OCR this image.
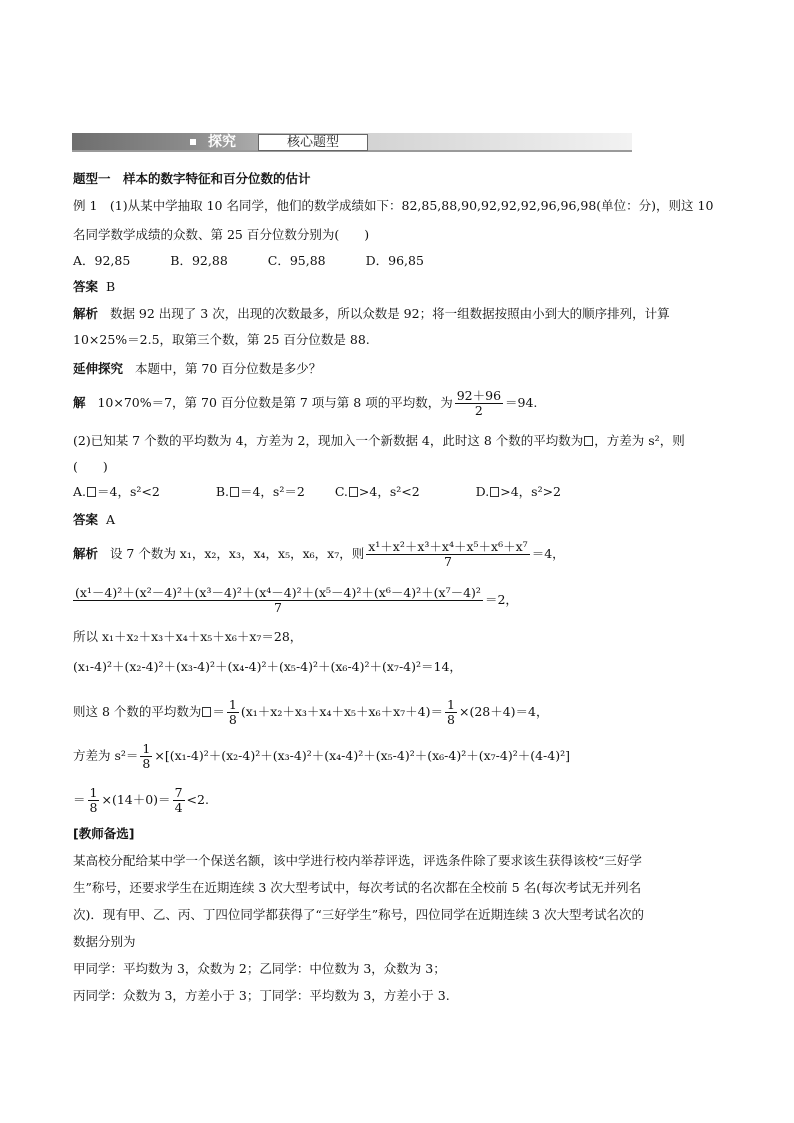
探究	核心题型
题型一　样本的数字特征和百分位数的估计
例 1　(1)从某中学抽取 10 名同学，他们的数学成绩如下：82,85,88,90,92,92,92,96,96,98(单位：分)，则这 10
名同学数学成绩的众数、第 25 百分位数分别为(　　)
A．92,85	B．92,88	C．95,88	D．96,85
答案 B
解析 数据 92 出现了 3 次，出现的次数最多，所以众数是 92；将一组数据按照由小到大的顺序排列，计算
10×25%＝2.5，取第三个数，第 25 百分位数是 88.
延伸探究 本题中，第 70 百分位数是多少？
解 10×70%＝7，第 70 百分位数是第 7 项与第 8 项的平均数，为 $\frac{92+96}{2} =94$.
(2)已知某 7 个数的平均数为 4，方差为 2，现加入一个新数据 4，此时这 8 个数的平均数为 ，方差为 s²，则
(　　)
A. ＝4，s²<2	B. ＝4，s²＝2 C. >4，s²<2	D. >4，s²>2
答案 A
解析 设 7 个数为 x₁，x₂，x₃，x₄，x₅，x₆，x₇，则 $\frac{\text{x¹＋x²＋x³＋x⁴＋x⁵＋x⁶＋x⁷}}{7} =4$，
$\frac{\text{(x¹－4)²＋(x²－4)²＋(x³－4)²＋(x⁴－4)²＋(x⁵－4)²＋(x⁶－4)²＋(x⁷－4)²}}{7} =2$，
所以 x₁＋x₂＋x₃＋x₄＋x₅＋x₆＋x₇＝28，
(x₁-4)²＋(x₂-4)²＋(x₃-4)²＋(x₄-4)²＋(x₅-4)²＋(x₆-4)²＋(x₇-4)²＝14，
则这 8 个数的平均数为 ＝ $\frac{1}{8} (x_1+x_2+x_3+x_4+x_5+x_6+x_7+4)= \frac{1}{8} \times(28+4)=4$，
方差为 $s^2= \frac{1}{8} \times[(x_1-4)^2+(x_2-4)^2+(x_3-4)^2+(x_4-4)^2+(x_5-4)^2+(x_6-4)^2+(x_7-4)^2+(4-4)^2]$
＝ $\frac{1}{8} \times(14+0)= \frac{7}{4} <2$.
[教师备选]
某高校分配给某中学一个保送名额，该中学进行校内举荐评选，评选条件除了要求该生获得该校“三好学
生”称号，还要求学生在近期连续 3 次大型考试中，每次考试的名次都在全校前 5 名(每次考试无并列名
次)．现有甲、乙、丙、丁四位同学都获得了“三好学生”称号，四位同学在近期连续 3 次大型考试名次的
数据分别为
甲同学：平均数为 3，众数为 2；乙同学：中位数为 3，众数为 3；
丙同学：众数为 3，方差小于 3；丁同学：平均数为 3，方差小于 3.
